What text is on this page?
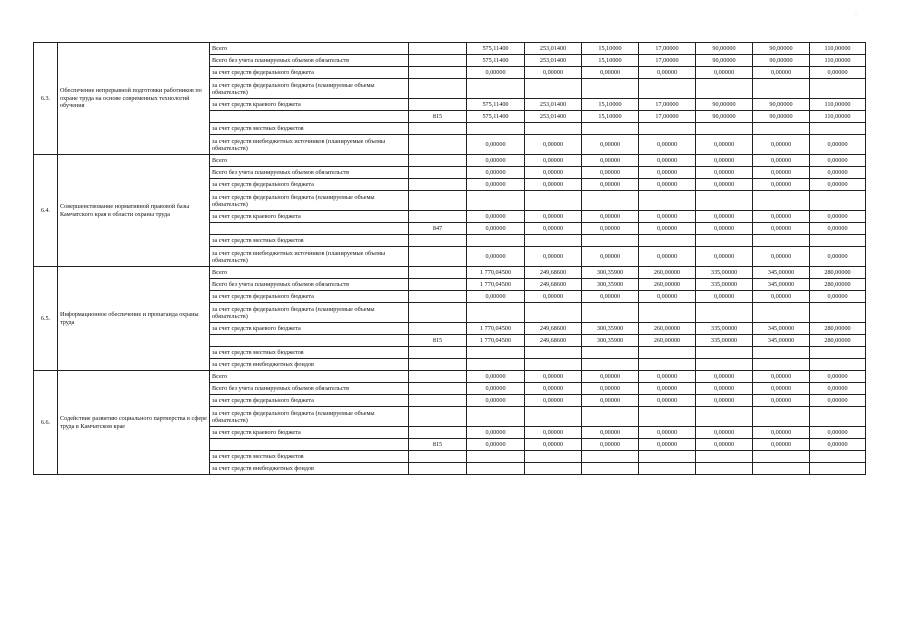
6.3.	Обеспечение непрерывной подготовки работников по охране труда на основе современных технологий обучения	Всего		575,11400	253,01400	15,10000	17,00000	90,00000	90,00000	110,00000
		Всего без учета планируемых объемов обязательств		575,11400	253,01400	15,10000	17,00000	90,00000	90,00000	110,00000
		за счет средств федерального бюджета		0,00000	0,00000	0,00000	0,00000	0,00000	0,00000	0,00000
		за счет средств федерального бюджета (планируемые объемы обязательств)								
		за счет средств краевого бюджета		575,11400	253,01400	15,10000	17,00000	90,00000	90,00000	110,00000
			815	575,11400	253,01400	15,10000	17,00000	90,00000	90,00000	110,00000
		за счет средств местных бюджетов								
		за счет средств внебюджетных источников (планируемые объемы обязательств)		0,00000	0,00000	0,00000	0,00000	0,00000	0,00000	0,00000
6.4.	Совершенствование нормативной правовой базы Камчатского края в области охраны труда	Всего		0,00000	0,00000	0,00000	0,00000	0,00000	0,00000	0,00000
		Всего без учета планируемых объемов обязательств		0,00000	0,00000	0,00000	0,00000	0,00000	0,00000	0,00000
		за счет средств федерального бюджета		0,00000	0,00000	0,00000	0,00000	0,00000	0,00000	0,00000
		за счет средств федерального бюджета (планируемые объемы обязательств)								
		за счет средств краевого бюджета		0,00000	0,00000	0,00000	0,00000	0,00000	0,00000	0,00000
			847	0,00000	0,00000	0,00000	0,00000	0,00000	0,00000	0,00000
		за счет средств местных бюджетов								
		за счет средств внебюджетных источников (планируемые объемы обязательств)		0,00000	0,00000	0,00000	0,00000	0,00000	0,00000	0,00000
6.5.	Информационное обеспечение и пропаганда охраны труда	Всего		1 770,04500	249,68600	300,35900	260,00000	335,00000	345,00000	280,00000
		Всего без учета планируемых объемов обязательств		1 770,04500	249,68600	300,35900	260,00000	335,00000	345,00000	280,00000
		за счет средств федерального бюджета		0,00000	0,00000	0,00000	0,00000	0,00000	0,00000	0,00000
		за счет средств федерального бюджета (планируемые объемы обязательств)								
		за счет средств краевого бюджета		1 770,04500	249,68600	300,35900	260,00000	335,00000	345,00000	280,00000
			815	1 770,04500	249,68600	300,35900	260,00000	335,00000	345,00000	280,00000
		за счет средств местных бюджетов								
		за счет средств внебюджетных фондов								
6.6.	Содействие развитию социального партнерства в сфере труда в Камчатском крае	Всего		0,00000	0,00000	0,00000	0,00000	0,00000	0,00000	0,00000
		Всего без учета планируемых объемов обязательств		0,00000	0,00000	0,00000	0,00000	0,00000	0,00000	0,00000
		за счет средств федерального бюджета		0,00000	0,00000	0,00000	0,00000	0,00000	0,00000	0,00000
		за счет средств федерального бюджета (планируемые объемы обязательств)								
		за счет средств краевого бюджета		0,00000	0,00000	0,00000	0,00000	0,00000	0,00000	0,00000
			815	0,00000	0,00000	0,00000	0,00000	0,00000	0,00000	0,00000
		за счет средств местных бюджетов								
		за счет средств внебюджетных фондов								
·
